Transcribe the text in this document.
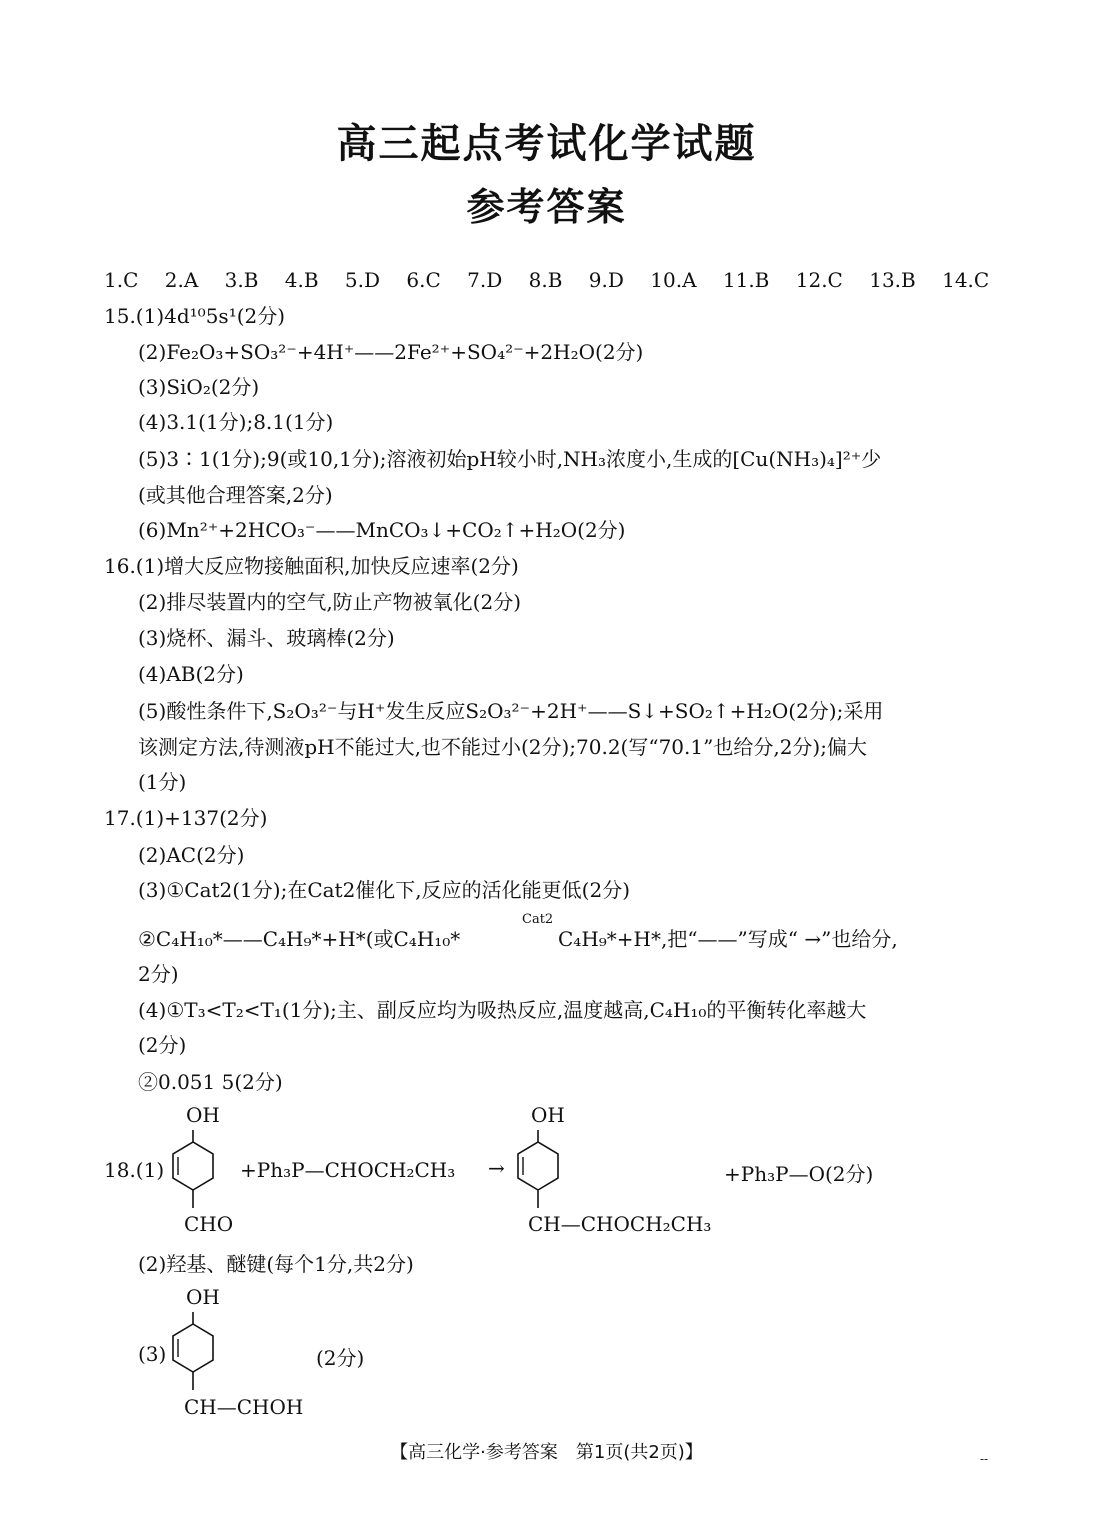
高三起点考试化学试题
参考答案
1.C 2.A 3.B 4.B 5.D 6.C 7.D 8.B 9.D 10.A 11.B 12.C 13.B 14.C
15.(1)4d¹⁰5s¹(2分)
(2)Fe₂O₃+SO₃²⁻+4H⁺——2Fe²⁺+SO₄²⁻+2H₂O(2分)
(3)SiO₂(2分)
(4)3.1(1分);8.1(1分)
(5)3∶1(1分);9(或10,1分);溶液初始pH较小时,NH₃浓度小,生成的[Cu(NH₃)₄]²⁺少
(或其他合理答案,2分)
(6)Mn²⁺+2HCO₃⁻——MnCO₃↓+CO₂↑+H₂O(2分)
16.(1)增大反应物接触面积,加快反应速率(2分)
(2)排尽装置内的空气,防止产物被氧化(2分)
(3)烧杯、漏斗、玻璃棒(2分)
(4)AB(2分)
(5)酸性条件下,S₂O₃²⁻与H⁺发生反应S₂O₃²⁻+2H⁺——S↓+SO₂↑+H₂O(2分);采用
该测定方法,待测液pH不能过大,也不能过小(2分);70.2(写“70.1”也给分,2分);偏大
(1分)
17.(1)+137(2分)
(2)AC(2分)
(3)①Cat2(1分);在Cat2催化下,反应的活化能更低(2分)
②C₄H₁₀*——C₄H₉*+H*(或C₄H₁₀*
Cat2
C₄H₉*+H*,把“——”写成“ →”也给分,
2分)
(4)①T₃<T₂<T₁(1分);主、副反应均为吸热反应,温度越高,C₄H₁₀的平衡转化率越大
(2分)
②0.051 5(2分)
18.(1)
OH
CHO
+Ph₃P—CHOCH₂CH₃ →
OH
CH—CHOCH₂CH₃
+Ph₃P—O(2分)
(2)羟基、醚键(每个1分,共2分)
OH
(3)	(2分)
CH—CHOH
【高三化学·参考答案　第1页(共2页)】	--
